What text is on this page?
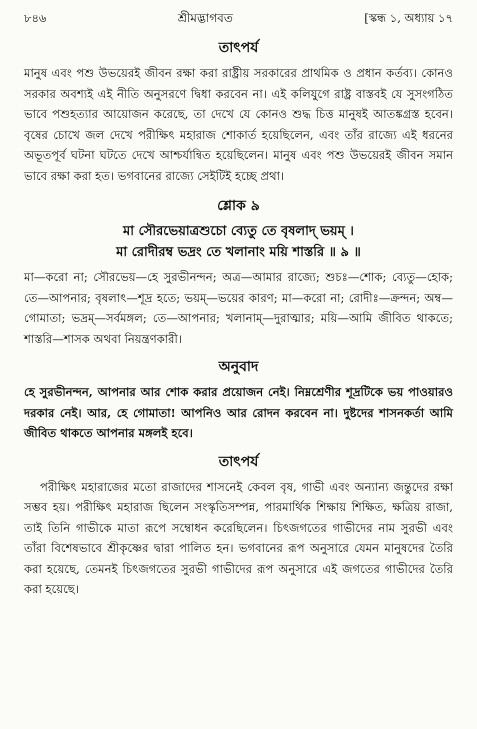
৮৪৬	শ্রীমদ্ভাগবত	[স্কন্ধ ১, অধ্যায় ১৭
তাৎপর্য

মানুষ এবং পশু উভয়েরই জীবন রক্ষা করা রাষ্ট্রীয় সরকারের প্রাথমিক ও প্রধান কর্তব্য। কোনও সরকার অবশ্যই এই নীতি অনুসরণে দ্বিধা করবেন না। এই কলিযুগে রাষ্ট্র বাস্তবই যে সুসংগঠিত ভাবে পশুহত্যার আয়োজন করেছে, তা দেখে যে কোনও শুদ্ধ চিত্ত মানুষই আতঙ্কগ্রস্ত হবেন। বৃষের চোখে জল দেখে পরীক্ষিৎ মহারাজ শোকার্ত হয়েছিলেন, এবং তাঁর রাজ্যে এই ধরনের অভূতপূর্ব ঘটনা ঘটতে দেখে আশ্চর্যান্বিত হয়েছিলেন। মানুষ এবং পশু উভয়েরই জীবন সমান ভাবে রক্ষা করা হত। ভগবানের রাজ্যে সেইটিই হচ্ছে প্রথা।

শ্লোক ৯
মা সৌরভেয়াত্রশুচো ব্যেতু তে বৃষলাদ্ ভয়ম্ ।
মা রোদীরম্ব ভদ্রং তে খলানাং ময়ি শাস্তরি ॥ ৯ ॥

মা—করো না; সৌরভেয়—হে সুরভীনন্দন; অত্র—আমার রাজ্যে; শুচঃ—শোক; ব্যেতু—হোক; তে—আপনার; বৃষলাৎ—শূদ্র হতে; ভয়ম্—ভয়ের কারণ; মা—করো না; রোদীঃ—ক্রন্দন; অম্ব—গোমাতা; ভদ্রম্—সর্বমঙ্গল; তে—আপনার; খলানাম্—দুরাত্মার; ময়ি—আমি জীবিত থাকতে; শাস্তরি—শাসক অথবা নিয়ন্ত্রণকারী।

অনুবাদ

হে সুরভীনন্দন, আপনার আর শোক করার প্রয়োজন নেই। নিম্নশ্রেণীর শূদ্রটিকে ভয় পাওয়ারও দরকার নেই। আর, হে গোমাতা! আপনিও আর রোদন করবেন না। দুষ্টদের শাসনকর্তা আমি জীবিত থাকতে আপনার মঙ্গলই হবে।

তাৎপর্য

পরীক্ষিৎ মহারাজের মতো রাজাদের শাসনেই কেবল বৃষ, গাভী এবং অন্যান্য জন্তুদের রক্ষা সম্ভব হয়। পরীক্ষিৎ মহারাজ ছিলেন সংস্কৃতিসম্পন্ন, পারমার্থিক শিক্ষায় শিক্ষিত, ক্ষত্রিয় রাজা, তাই তিনি গাভীকে মাতা রূপে সম্বোধন করেছিলেন। চিৎজগতের গাভীদের নাম সুরভী এবং তাঁরা বিশেষভাবে শ্রীকৃষ্ণের দ্বারা পালিত হন। ভগবানের রূপ অনুসারে যেমন মানুষদের তৈরি করা হয়েছে, তেমনই চিৎজগতের সুরভী গাভীদের রূপ অনুসারে এই জগতের গাভীদের তৈরি করা হয়েছে।
